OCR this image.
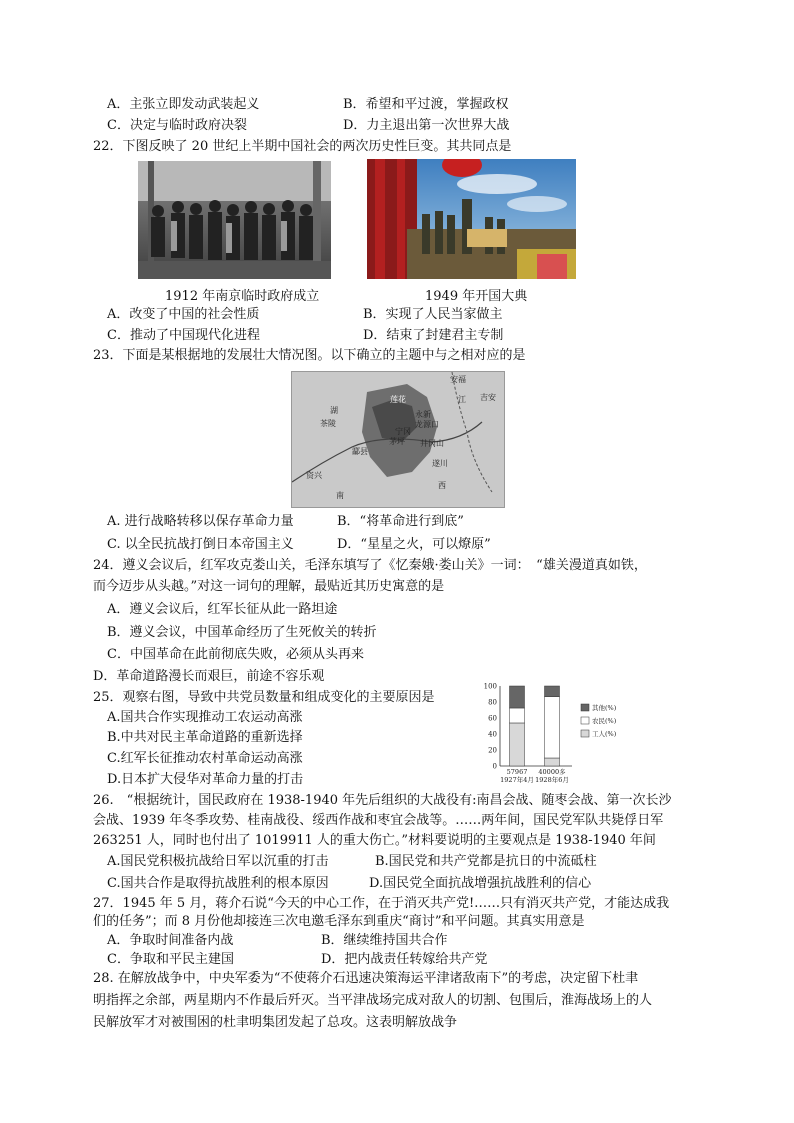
A．主张立即发动武装起义	B．希望和平过渡，掌握政权
C．决定与临时政府决裂	D．力主退出第一次世界大战
22．下图反映了 20 世纪上半期中国社会的两次历史性巨变。其共同点是
1912 年南京临时政府成立	1949 年开国大典
A．改变了中国的社会性质	B．实现了人民当家做主
C．推动了中国现代化进程	D．结束了封建君主专制
23．下面是某根据地的发展壮大情况图。以下确立的主题中与之相对应的是
安福
江 吉安
莲花
永新
龙源口
湖
茶陵
宁冈
茅坪 井冈山
酃县
遂川
资兴
南
西
A. 进行战略转移以保存革命力量	B．“将革命进行到底”
C. 以全民抗战打倒日本帝国主义	D．“星星之火，可以燎原”
24．遵义会议后，红军攻克娄山关，毛泽东填写了《忆秦娥·娄山关》一词：　“雄关漫道真如铁，
而今迈步从头越。”对这一词句的理解，最贴近其历史寓意的是
A．遵义会议后，红军长征从此一路坦途
B．遵义会议，中国革命经历了生死攸关的转折
C．中国革命在此前彻底失败，必须从头再来
D．革命道路漫长而艰巨，前途不容乐观
25．观察右图，导致中共党员数量和组成变化的主要原因是
A.国共合作实现推动工农运动高涨
B.中共对民主革命道路的重新选择
C.红军长征推动农村革命运动高涨
D.日本扩大侵华对革命力量的打击
0
20
40
60
80
100
57967
1927年4月
40000多
1928年6月
其他(%)
农民(%)
工人(%)
26.　“根据统计，国民政府在 1938-1940 年先后组织的大战役有:南昌会战、随枣会战、第一次长沙
会战、1939 年冬季攻势、桂南战役、绥西作战和枣宜会战等。……两年间，国民党军队共毙俘日军
263251 人，同时也付出了 1019911 人的重大伤亡。”材料要说明的主要观点是 1938-1940 年间
A.国民党积极抗战给日军以沉重的打击	B.国民党和共产党都是抗日的中流砥柱
C.国共合作是取得抗战胜利的根本原因	D.国民党全面抗战增强抗战胜利的信心
27．1945 年 5 月，蒋介石说“今天的中心工作，在于消灭共产党!……只有消灭共产党，才能达成我
们的任务”；而 8 月份他却接连三次电邀毛泽东到重庆“商讨”和平问题。其真实用意是
A．争取时间准备内战	B．继续维持国共合作
C．争取和平民主建国	D．把内战责任转嫁给共产党
28. 在解放战争中，中央军委为“不使蒋介石迅速决策海运平津诸敌南下”的考虑，决定留下杜聿
明指挥之余部，两星期内不作最后歼灭。当平津战场完成对敌人的切割、包围后，淮海战场上的人
民解放军才对被围困的杜聿明集团发起了总攻。这表明解放战争
